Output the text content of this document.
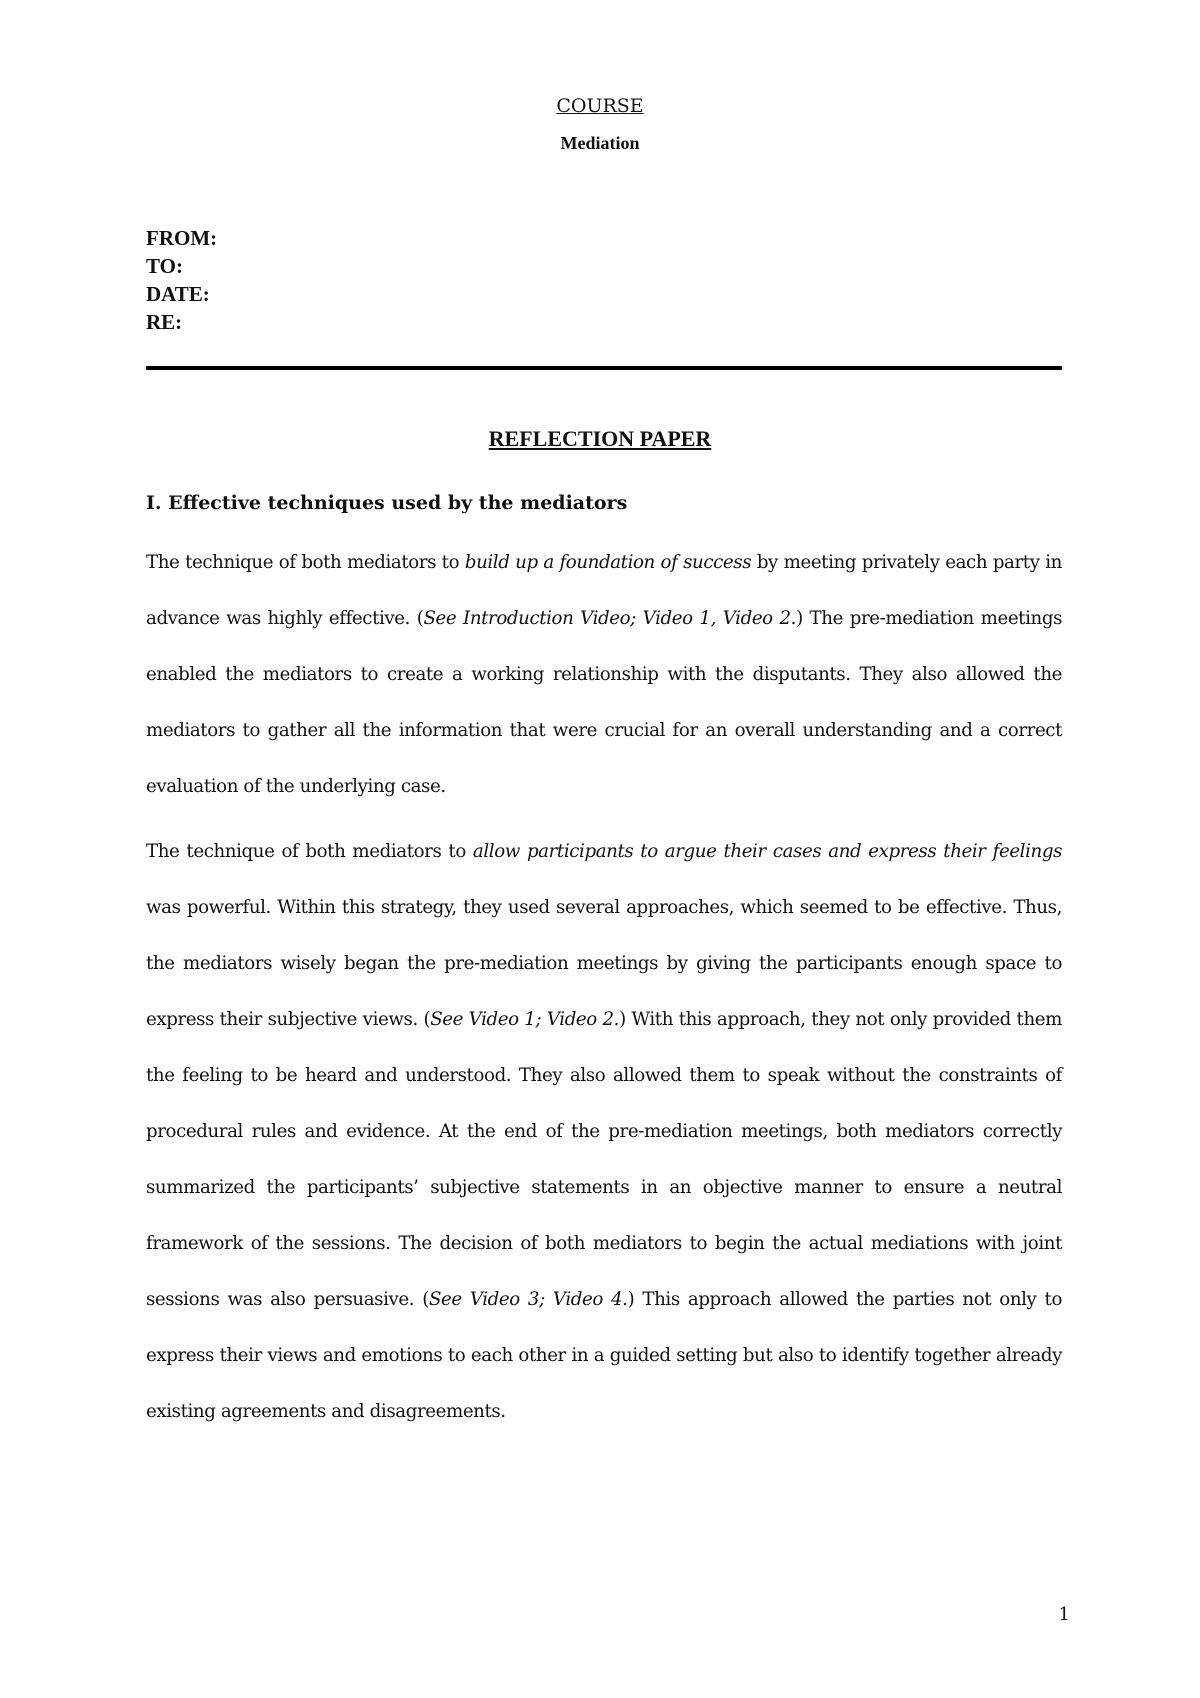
COURSE
Mediation
FROM:
TO:
DATE:
RE:
REFLECTION PAPER
I. Effective techniques used by the mediators

The technique of both mediators to build up a foundation of success by meeting privately each party in advance was highly effective. (See Introduction Video; Video 1, Video 2.) The pre-mediation meetings enabled the mediators to create a working relationship with the disputants. They also allowed the mediators to gather all the information that were crucial for an overall understanding and a correct evaluation of the underlying case.

The technique of both mediators to allow participants to argue their cases and express their feelings was powerful. Within this strategy, they used several approaches, which seemed to be effective. Thus, the mediators wisely began the pre-mediation meetings by giving the participants enough space to express their subjective views. (See Video 1; Video 2.) With this approach, they not only provided them the feeling to be heard and understood. They also allowed them to speak without the constraints of procedural rules and evidence. At the end of the pre-mediation meetings, both mediators correctly summarized the participants’ subjective statements in an objective manner to ensure a neutral framework of the sessions. The decision of both mediators to begin the actual mediations with joint sessions was also persuasive. (See Video 3; Video 4.) This approach allowed the parties not only to express their views and emotions to each other in a guided setting but also to identify together already existing agreements and disagreements.

1
